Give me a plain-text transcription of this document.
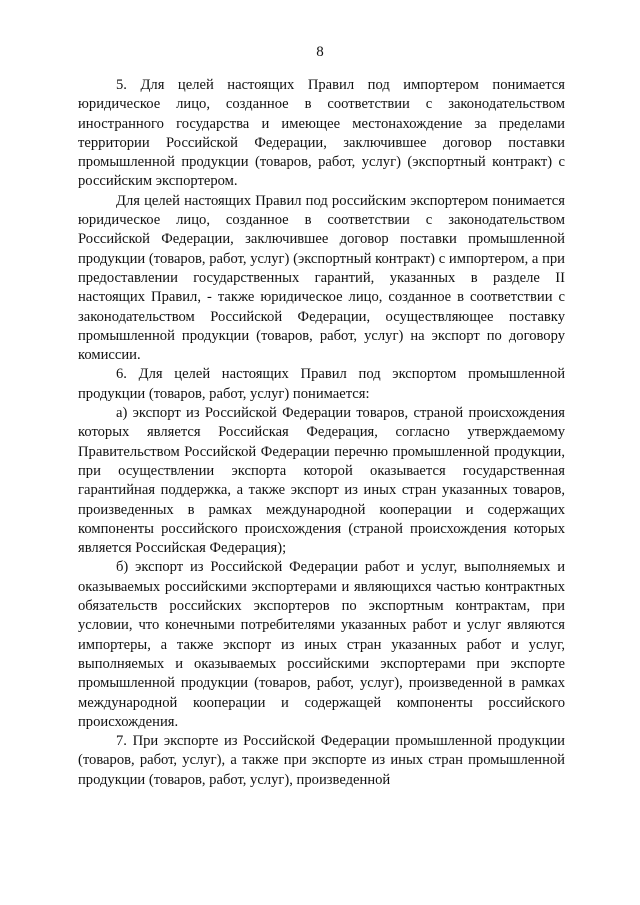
8

5. Для целей настоящих Правил под импортером понимается юридическое лицо, созданное в соответствии с законодательством иностранного государства и имеющее местонахождение за пределами территории Российской Федерации, заключившее договор поставки промышленной продукции (товаров, работ, услуг) (экспортный контракт) с российским экспортером.

Для целей настоящих Правил под российским экспортером понимается юридическое лицо, созданное в соответствии с законодательством Российской Федерации, заключившее договор поставки промышленной продукции (товаров, работ, услуг) (экспортный контракт) с импортером, а при предоставлении государственных гарантий, указанных в разделе II настоящих Правил, - также юридическое лицо, созданное в соответствии с законодательством Российской Федерации, осуществляющее поставку промышленной продукции (товаров, работ, услуг) на экспорт по договору комиссии.

6. Для целей настоящих Правил под экспортом промышленной продукции (товаров, работ, услуг) понимается:

а) экспорт из Российской Федерации товаров, страной происхождения которых является Российская Федерация, согласно утверждаемому Правительством Российской Федерации перечню промышленной продукции, при осуществлении экспорта которой оказывается государственная гарантийная поддержка, а также экспорт из иных стран указанных товаров, произведенных в рамках международной кооперации и содержащих компоненты российского происхождения (страной происхождения которых является Российская Федерация);

б) экспорт из Российской Федерации работ и услуг, выполняемых и оказываемых российскими экспортерами и являющихся частью контрактных обязательств российских экспортеров по экспортным контрактам, при условии, что конечными потребителями указанных работ и услуг являются импортеры, а также экспорт из иных стран указанных работ и услуг, выполняемых и оказываемых российскими экспортерами при экспорте промышленной продукции (товаров, работ, услуг), произведенной в рамках международной кооперации и содержащей компоненты российского происхождения.

7. При экспорте из Российской Федерации промышленной продукции (товаров, работ, услуг), а также при экспорте из иных стран промышленной продукции (товаров, работ, услуг), произведенной
